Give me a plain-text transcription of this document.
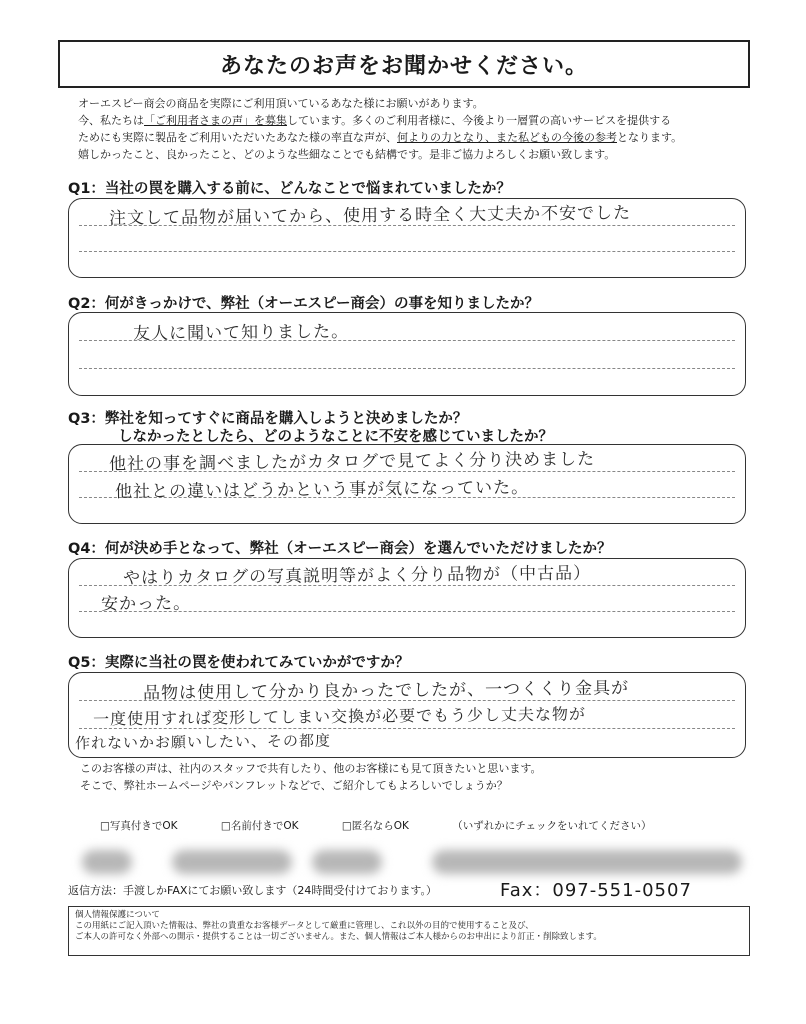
あなたのお声をお聞かせください。

オーエスピー商会の商品を実際にご利用頂いているあなた様にお願いがあります。

今、私たちは「ご利用者さまの声」を募集しています。多くのご利用者様に、今後より一層質の高いサービスを提供する

ためにも実際に製品をご利用いただいたあなた様の率直な声が、何よりの力となり、また私どもの今後の参考となります。

嬉しかったこと、良かったこと、どのような些細なことでも結構です。是非ご協力よろしくお願い致します。

Q1：当社の罠を購入する前に、どんなことで悩まれていましたか？
注文して品物が届いてから、使用する時全く大丈夫か不安でした
Q2：何がきっかけで、弊社（オーエスピー商会）の事を知りましたか？
友人に聞いて知りました。
Q3：弊社を知ってすぐに商品を購入しようと決めましたか？
しなかったとしたら、どのようなことに不安を感じていましたか？
他社の事を調べましたがカタログで見てよく分り決めました
他社との違いはどうかという事が気になっていた。
Q4：何が決め手となって、弊社（オーエスピー商会）を選んでいただけましたか？
やはりカタログの写真説明等がよく分り品物が（中古品）
安かった。
Q5：実際に当社の罠を使われてみていかがですか？
品物は使用して分かり良かったでしたが、一つくくり金具が
一度使用すれば変形してしまい交換が必要でもう少し丈夫な物が
作れないかお願いしたい、その都度

このお客様の声は、社内のスタッフで共有したり、他のお客様にも見て頂きたいと思います。

そこで、弊社ホームページやパンフレットなどで、ご紹介してもよろしいでしょうか？

□写真付きでOK	□名前付きでOK	□匿名ならOK	（いずれかにチェックをいれてください）
返信方法：手渡しかFAXにてお願い致します（24時間受付けております。）	Fax：097-551-0507

個人情報保護について

この用紙にご記入頂いた情報は、弊社の貴重なお客様データとして厳重に管理し、これ以外の目的で使用すること及び、

ご本人の許可なく外部への開示・提供することは一切ございません。また、個人情報はご本人様からのお申出により訂正・削除致します。
